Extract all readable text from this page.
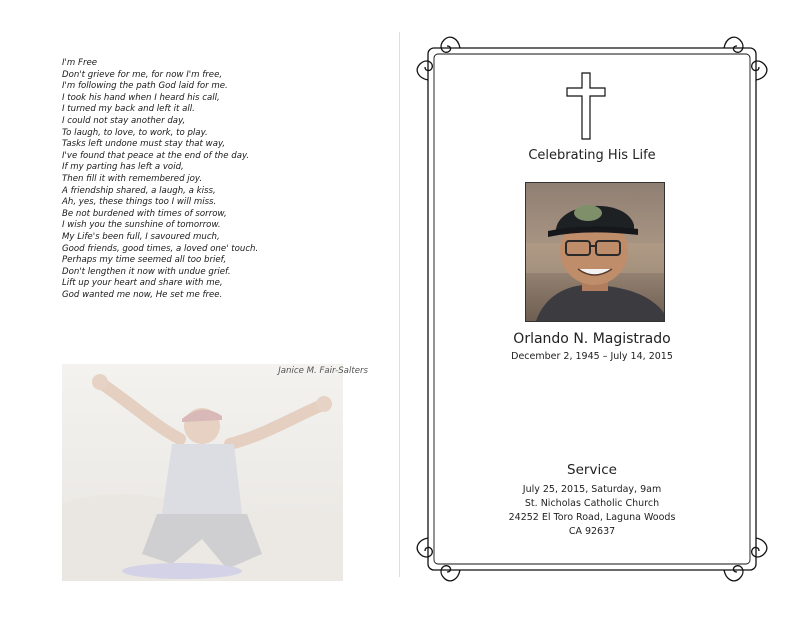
I'm Free
Don't grieve for me, for now I'm free,
I'm following the path God laid for me.
I took his hand when I heard his call,
I turned my back and left it all.
I could not stay another day,
To laugh, to love, to work, to play.
Tasks left undone must stay that way,
I've found that peace at the end of the day.
If my parting has left a void,
Then fill it with remembered joy.
A friendship shared, a laugh, a kiss,
Ah, yes, these things too I will miss.
Be not burdened with times of sorrow,
I wish you the sunshine of tomorrow.
My Life's been full, I savoured much,
Good friends, good times, a loved one' touch.
Perhaps my time seemed all too brief,
Don't lengthen it now with undue grief.
Lift up your heart and share with me,
God wanted me now, He set me free.
Janice M. Fair-Salters
Celebrating His Life
Orlando N. Magistrado
December 2, 1945 – July 14, 2015
Service
July 25, 2015, Saturday, 9am
St. Nicholas Catholic Church
24252 El Toro Road, Laguna Woods
CA 92637
